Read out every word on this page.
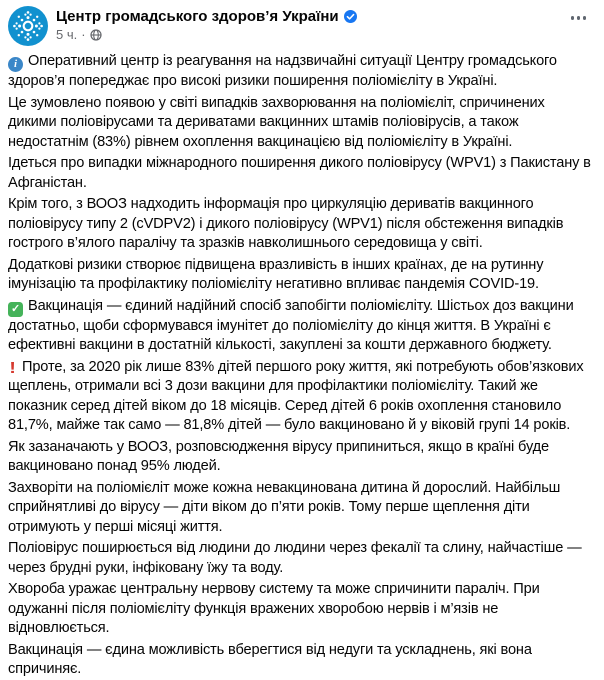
Центр громадського здоров’я України
5 ч. ·

i Оперативний центр із реагування на надзвичайні ситуації Центру громадського здоров’я попереджає про високі ризики поширення поліомієліту в Україні.

Це зумовлено появою у світі випадків захворювання на поліомієліт, спричинених дикими поліовірусами та дериватами вакцинних штамів поліовірусів, а також недостатнім (83%) рівнем охоплення вакцинацією від поліомієліту в Україні.

Ідеться про випадки міжнародного поширення дикого поліовірусу (WPV1) з Пакистану в Афганістан.

Крім того, з ВООЗ надходить інформація про циркуляцію дериватів вакцинного поліовірусу типу 2 (cVDPV2) і дикого поліовірусу (WPV1) після обстеження випадків гострого в’ялого паралічу та зразків навколишнього середовища у світі.

Додаткові ризики створює підвищена вразливість в інших країнах, де на рутинну імунізацію та профілактику поліомієліту негативно впливає пандемія COVID-19.

✓ Вакцинація — єдиний надійний спосіб запобігти поліомієліту. Шістьох доз вакцини достатньо, щоби сформувався імунітет до поліомієліту до кінця життя. В Україні є ефективні вакцини в достатній кількості, закуплені за кошти державного бюджету.

! Проте, за 2020 рік лише 83% дітей першого року життя, які потребують обов’язкових щеплень, отримали всі 3 дози вакцини для профілактики поліомієліту. Такий же показник серед дітей віком до 18 місяців. Серед дітей 6 років охоплення становило 81,7%, майже так само — 81,8% дітей — було вакциновано й у віковій групі 14 років.

Як зазаначають у ВООЗ, розповсюдження вірусу припиниться, якщо в країні буде вакциновано понад 95% людей.

Захворіти на поліомієліт може кожна невакцинована дитина й дорослий. Найбільш сприйнятливі до вірусу — діти віком до п’яти років. Тому перше щеплення діти отримують у перші місяці життя.

Поліовірус поширюється від людини до людини через фекалії та слину, найчастіше — через брудні руки, інфіковану їжу та воду.

Хвороба уражає центральну нервову систему та може спричинити параліч. При одужанні після поліомієліту функція вражених хворобою нервів і м’язів не відновлюється.

Вакцинація — єдина можливість вберегтися від недуги та ускладнень, які вона спричиняє.
